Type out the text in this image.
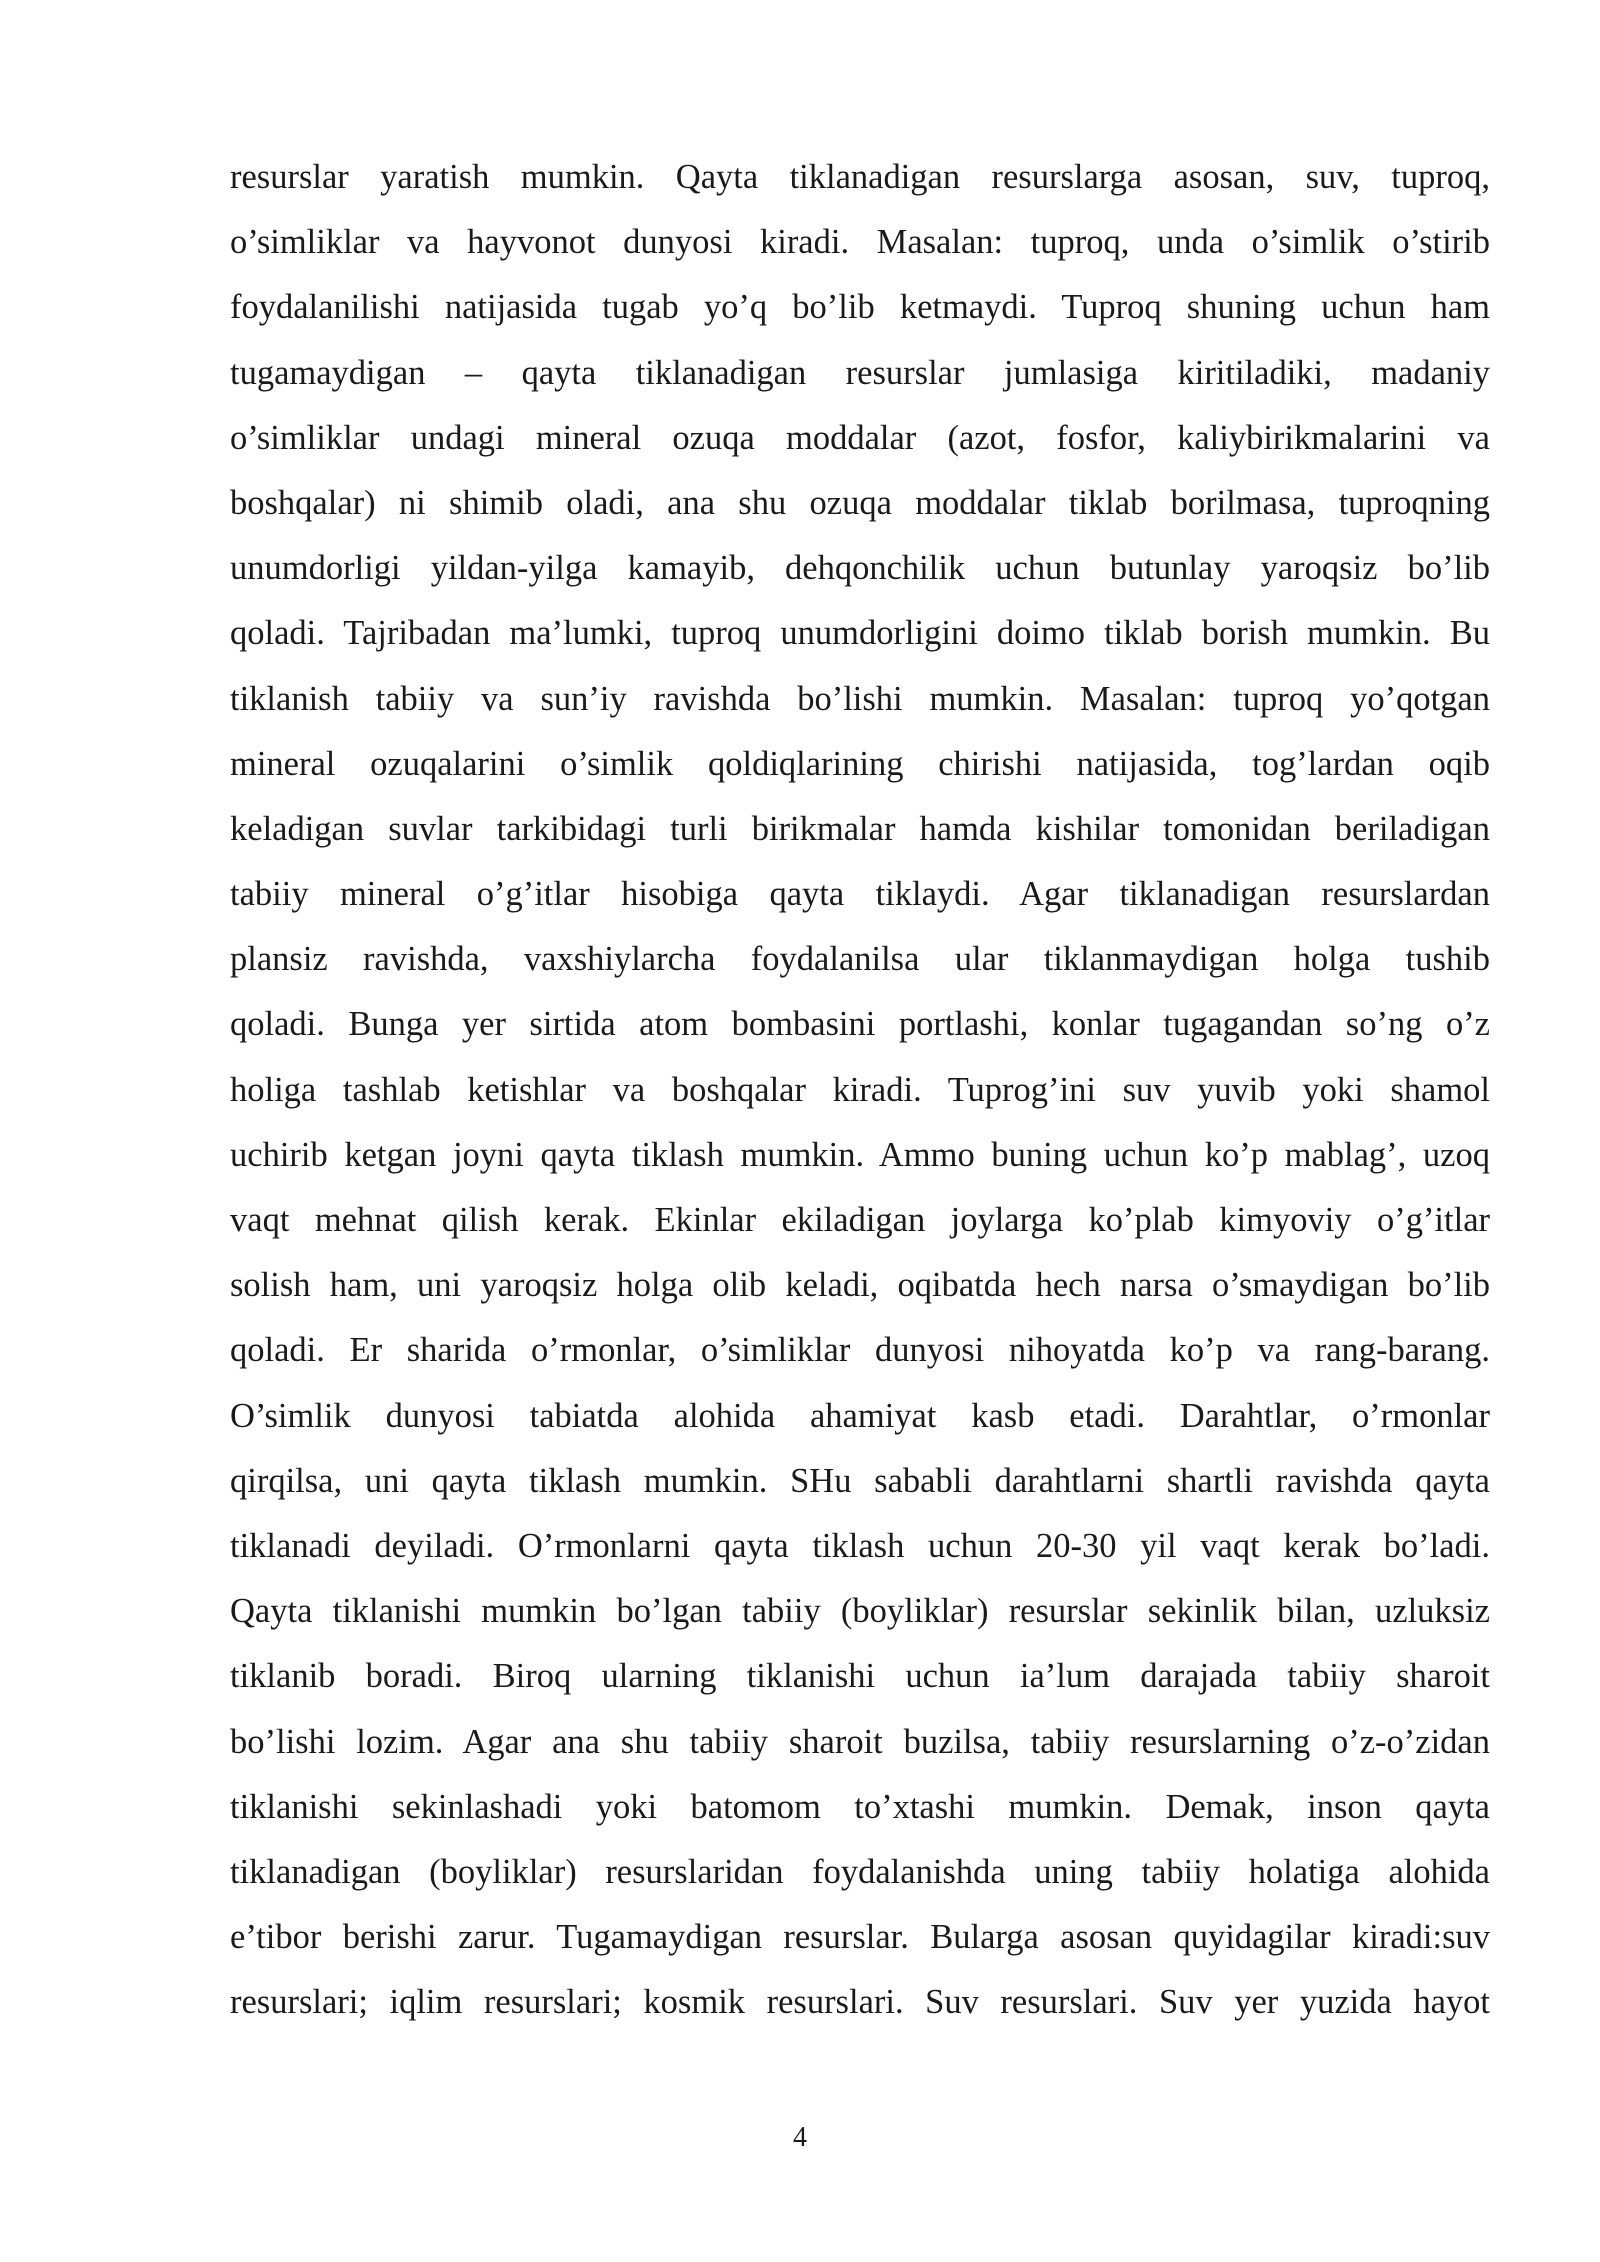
resurslar yaratish mumkin. Qayta tiklanadigan resurslarga asosan, suv, tuproq,
o’simliklar va hayvonot dunyosi kiradi. Masalan: tuproq, unda o’simlik o’stirib
foydalanilishi natijasida tugab yo’q bo’lib ketmaydi. Tuproq shuning uchun ham
tugamaydigan – qayta tiklanadigan resurslar jumlasiga kiritiladiki, madaniy
o’simliklar undagi mineral ozuqa moddalar (azot, fosfor, kaliybirikmalarini va
boshqalar) ni shimib oladi, ana shu ozuqa moddalar tiklab borilmasa, tuproqning
unumdorligi yildan-yilga kamayib, dehqonchilik uchun butunlay yaroqsiz bo’lib
qoladi. Tajribadan ma’lumki, tuproq unumdorligini doimo tiklab borish mumkin. Bu
tiklanish tabiiy va sun’iy ravishda bo’lishi mumkin. Masalan: tuproq yo’qotgan
mineral ozuqalarini o’simlik qoldiqlarining chirishi natijasida, tog’lardan oqib
keladigan suvlar tarkibidagi turli birikmalar hamda kishilar tomonidan beriladigan
tabiiy mineral o’g’itlar hisobiga qayta tiklaydi. Agar tiklanadigan resurslardan
plansiz ravishda, vaxshiylarcha foydalanilsa ular tiklanmaydigan holga tushib
qoladi. Bunga yer sirtida atom bombasini portlashi, konlar tugagandan so’ng o’z
holiga tashlab ketishlar va boshqalar kiradi. Tuprog’ini suv yuvib yoki shamol
uchirib ketgan joyni qayta tiklash mumkin. Ammo buning uchun ko’p mablag’, uzoq
vaqt mehnat qilish kerak. Ekinlar ekiladigan joylarga ko’plab kimyoviy o’g’itlar
solish ham, uni yaroqsiz holga olib keladi, oqibatda hech narsa o’smaydigan bo’lib
qoladi. Er sharida o’rmonlar, o’simliklar dunyosi nihoyatda ko’p va rang-barang.
O’simlik dunyosi tabiatda alohida ahamiyat kasb etadi. Darahtlar, o’rmonlar
qirqilsa, uni qayta tiklash mumkin. SHu sababli darahtlarni shartli ravishda qayta
tiklanadi deyiladi. O’rmonlarni qayta tiklash uchun 20-30 yil vaqt kerak bo’ladi.
Qayta tiklanishi mumkin bo’lgan tabiiy (boyliklar) resurslar sekinlik bilan, uzluksiz
tiklanib boradi. Biroq ularning tiklanishi uchun ia’lum darajada tabiiy sharoit
bo’lishi lozim. Agar ana shu tabiiy sharoit buzilsa, tabiiy resurslarning o’z-o’zidan
tiklanishi sekinlashadi yoki batomom to’xtashi mumkin. Demak, inson qayta
tiklanadigan (boyliklar) resurslaridan foydalanishda uning tabiiy holatiga alohida
e’tibor berishi zarur. Tugamaydigan resurslar. Bularga asosan quyidagilar kiradi:suv
resurslari; iqlim resurslari; kosmik resurslari. Suv resurslari. Suv yer yuzida hayot
4
